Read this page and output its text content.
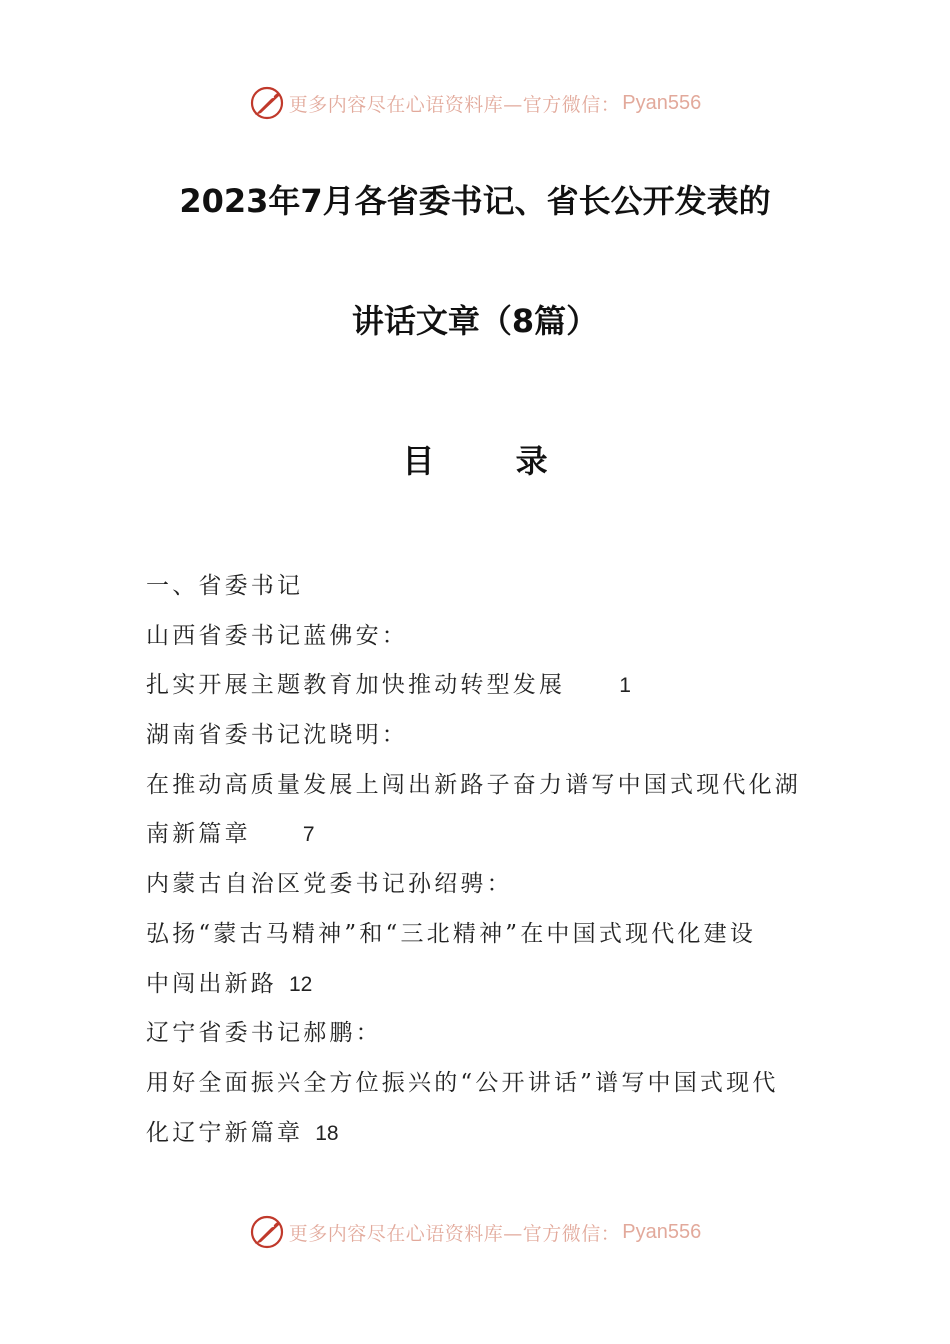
更多内容尽在心语资料库—官方微信： Pyan556
2023年7月各省委书记、省长公开发表的
讲话文章（8篇）
目 录
一、省委书记
山西省委书记蓝佛安：
扎实开展主题教育加快推动转型发展	1
湖南省委书记沈晓明：
在推动高质量发展上闯出新路子奋力谱写中国式现代化湖
南新篇章 7
内蒙古自治区党委书记孙绍骋：
弘扬“蒙古马精神”和“三北精神”在中国式现代化建设
中闯出新路 12
辽宁省委书记郝鹏：
用好全面振兴全方位振兴的“公开讲话”谱写中国式现代
化辽宁新篇章 18
更多内容尽在心语资料库—官方微信： Pyan556
